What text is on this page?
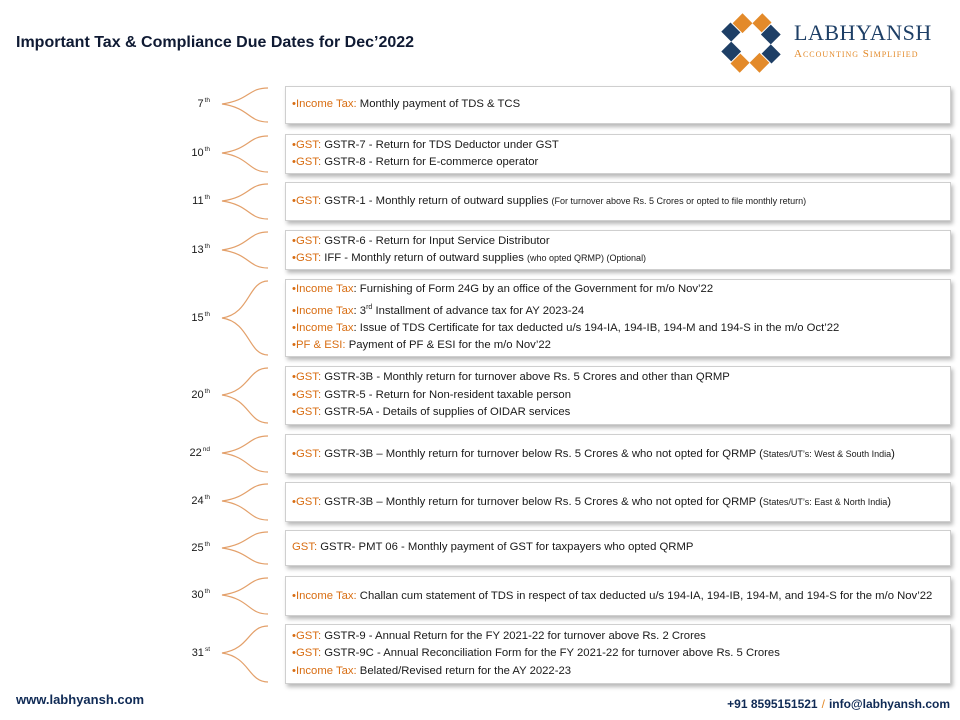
Important Tax & Compliance Due Dates for Dec’2022	LABHYANSH
Accounting Simplified
7th	•Income Tax: Monthly payment of TDS & TCS
10th	•GST: GSTR-7 - Return for TDS Deductor under GST
•GST: GSTR-8 - Return for E-commerce operator
11th	•GST: GSTR-1 - Monthly return of outward supplies (For turnover above Rs. 5 Crores or opted to file monthly return)
13th	•GST: GSTR-6 - Return for Input Service Distributor
•GST: IFF - Monthly return of outward supplies (who opted QRMP) (Optional)
15th
•Income Tax: Furnishing of Form 24G by an office of the Government for m/o Nov’22
•Income Tax: 3rd Installment of advance tax for AY 2023-24
•Income Tax: Issue of TDS Certificate for tax deducted u/s 194-IA, 194-IB, 194-M and 194-S in the m/o Oct’22
•PF & ESI: Payment of PF & ESI for the m/o Nov’22
20th
•GST: GSTR-3B - Monthly return for turnover above Rs. 5 Crores and other than QRMP
•GST: GSTR-5 - Return for Non-resident taxable person
•GST: GSTR-5A - Details of supplies of OIDAR services
22nd	•GST: GSTR-3B – Monthly return for turnover below Rs. 5 Crores & who not opted for QRMP (States/UT’s: West & South India)
24th	•GST: GSTR-3B – Monthly return for turnover below Rs. 5 Crores & who not opted for QRMP (States/UT’s: East & North India)
25th	GST: GSTR- PMT 06 - Monthly payment of GST for taxpayers who opted QRMP
30th	•Income Tax: Challan cum statement of TDS in respect of tax deducted u/s 194-IA, 194-IB, 194-M, and 194-S for the m/o Nov’22
31st
•GST: GSTR-9 - Annual Return for the FY 2021-22 for turnover above Rs. 2 Crores
•GST: GSTR-9C - Annual Reconciliation Form for the FY 2021-22 for turnover above Rs. 5 Crores
•Income Tax: Belated/Revised return for the AY 2022-23
www.labhyansh.com	+91 8595151521 / info@labhyansh.com
